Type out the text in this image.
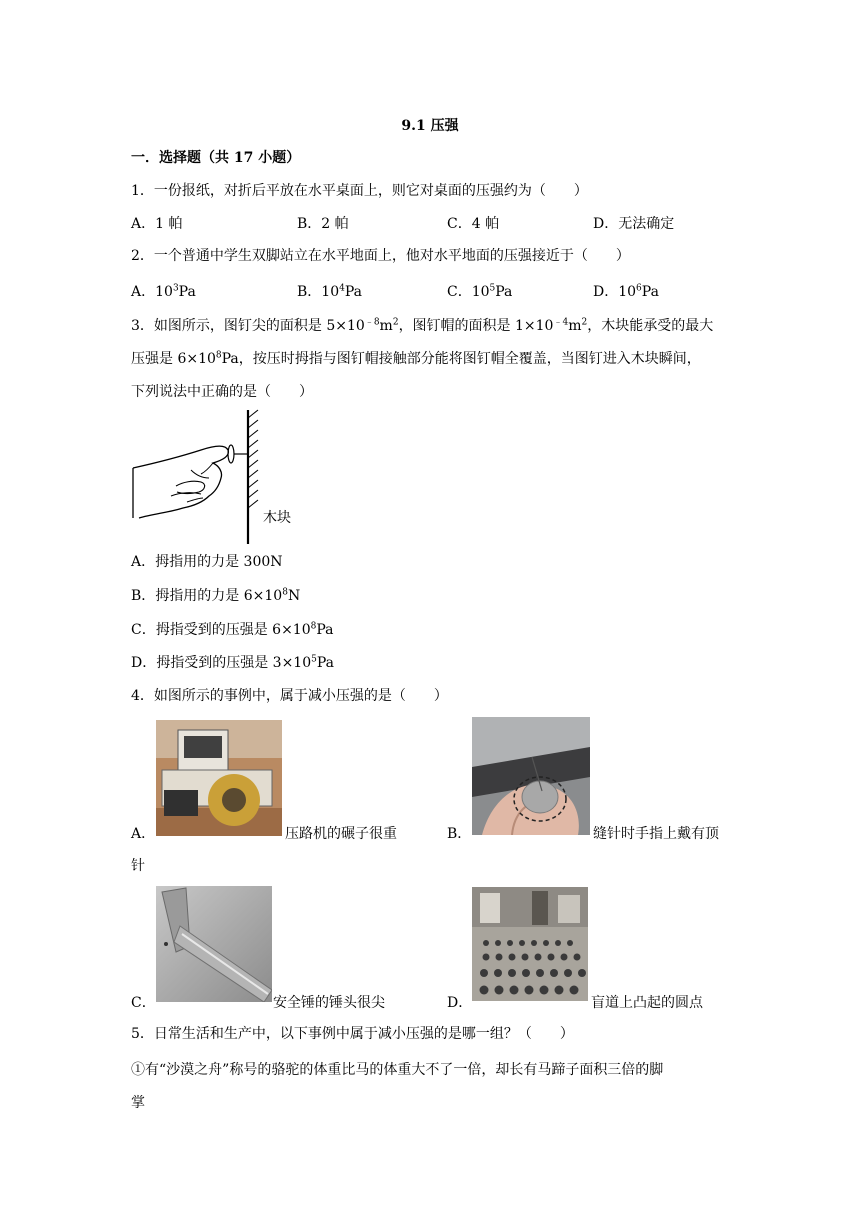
9.1 压强
一．选择题（共 17 小题）
1．一份报纸，对折后平放在水平桌面上，则它对桌面的压强约为（　　）
A．1 帕	B．2 帕	C．4 帕	D．无法确定
2．一个普通中学生双脚站立在水平地面上，他对水平地面的压强接近于（　　）
A．$10^3Pa$	B．$10^4Pa$	C．$10^5Pa$	D．$10^6Pa$
3．如图所示，图钉尖的面积是 $5\times 10^{﹣8}m^2$，图钉帽的面积是 $1\times 10^{﹣4}m^2$，木块能承受的最大
压强是 $6\times 10^8Pa$，按压时拇指与图钉帽接触部分能将图钉帽全覆盖，当图钉进入木块瞬间，
下列说法中正确的是（　　）
木块
A．拇指用的力是 300N
B．拇指用的力是 $6\times 10^8N$
C．拇指受到的压强是 $6\times 10^8Pa$
D．拇指受到的压强是 $3\times 10^5Pa$
4．如图所示的事例中，属于减小压强的是（　　）
A．	压路机的碾子很重	B．	缝针时手指上戴有顶
针
C．	安全锤的锤头很尖	D．	盲道上凸起的圆点
5．日常生活和生产中，以下事例中属于减小压强的是哪一组？（　　）
①有“沙漠之舟”称号的骆驼的体重比马的体重大不了一倍，却长有马蹄子面积三倍的脚
掌
